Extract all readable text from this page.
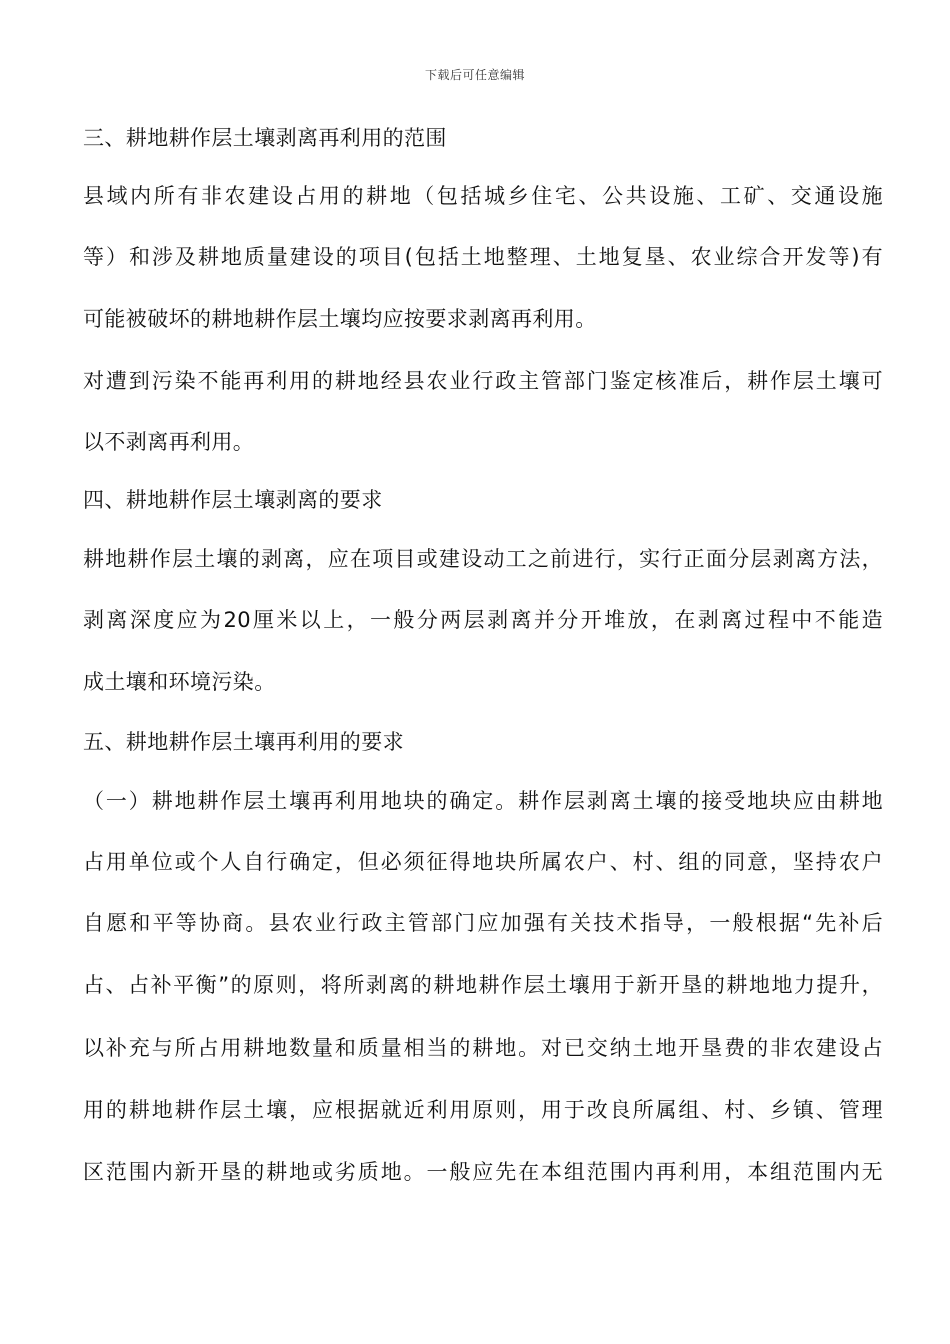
下载后可任意编辑
三、耕地耕作层土壤剥离再利用的范围
县域内所有非农建设占用的耕地（包括城乡住宅、公共设施、工矿、交通设施
等）和涉及耕地质量建设的项目(包括土地整理、土地复垦、农业综合开发等)有
可能被破坏的耕地耕作层土壤均应按要求剥离再利用。
对遭到污染不能再利用的耕地经县农业行政主管部门鉴定核准后，耕作层土壤可
以不剥离再利用。
四、耕地耕作层土壤剥离的要求
耕地耕作层土壤的剥离，应在项目或建设动工之前进行，实行正面分层剥离方法，
剥离深度应为20厘米以上，一般分两层剥离并分开堆放，在剥离过程中不能造
成土壤和环境污染。
五、耕地耕作层土壤再利用的要求
（一）耕地耕作层土壤再利用地块的确定。耕作层剥离土壤的接受地块应由耕地
占用单位或个人自行确定，但必须征得地块所属农户、村、组的同意，坚持农户
自愿和平等协商。县农业行政主管部门应加强有关技术指导，一般根据“先补后
占、占补平衡”的原则，将所剥离的耕地耕作层土壤用于新开垦的耕地地力提升，
以补充与所占用耕地数量和质量相当的耕地。对已交纳土地开垦费的非农建设占
用的耕地耕作层土壤，应根据就近利用原则，用于改良所属组、村、乡镇、管理
区范围内新开垦的耕地或劣质地。一般应先在本组范围内再利用，本组范围内无
